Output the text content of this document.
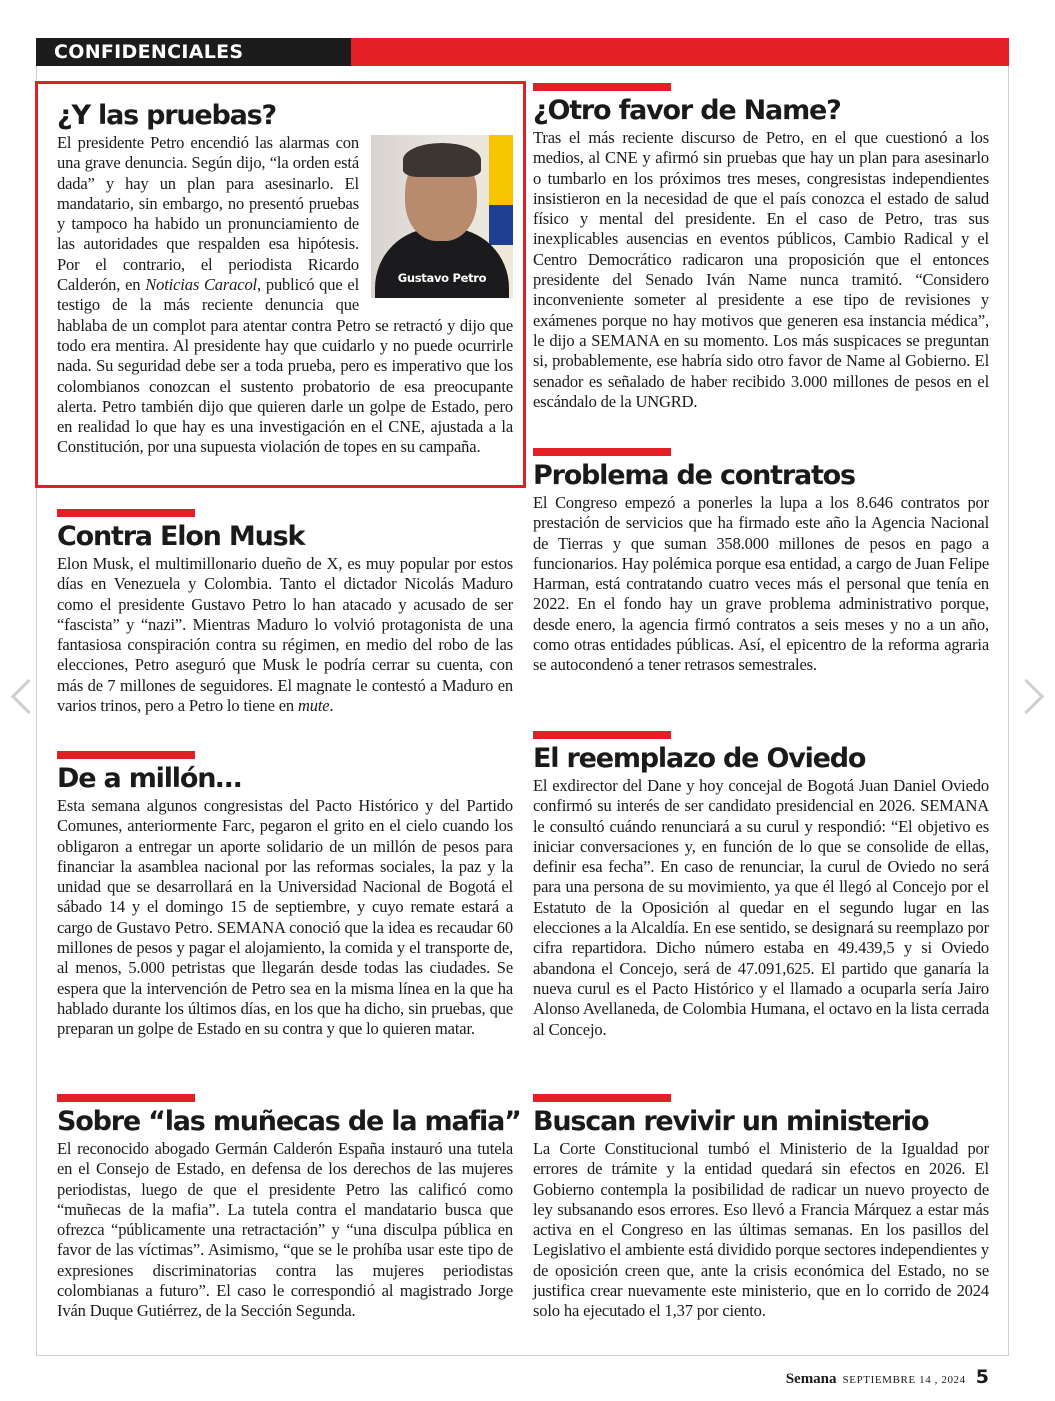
CONFIDENCIALES
¿Y las pruebas?

Gustavo Petro
El presidente Petro encendió las alarmas con una grave denuncia. Según dijo, “la orden está dada” y hay un plan para asesinarlo. El mandatario, sin embargo, no presentó pruebas y tampoco ha habido un pronunciamiento de las autoridades que respalden esa hipótesis. Por el contrario, el periodista Ricardo Calderón, en Noticias Caracol, publicó que el testigo de la más reciente denuncia que hablaba de un complot para atentar contra Petro se retractó y dijo que todo era mentira. Al presidente hay que cuidarlo y no puede ocurrirle nada. Su seguridad debe ser a toda prueba, pero es imperativo que los colombianos conozcan el sustento probatorio de esa preocupante alerta. Petro también dijo que quieren darle un golpe de Estado, pero en realidad lo que hay es una investigación en el CNE, ajustada a la Constitución, por una supuesta violación de topes en su campaña.

¿Otro favor de Name?

Tras el más reciente discurso de Petro, en el que cuestionó a los medios, al CNE y afirmó sin pruebas que hay un plan para asesinarlo o tumbarlo en los próximos tres meses, congresistas independientes insistieron en la necesidad de que el país conozca el estado de salud físico y mental del presidente. En el caso de Petro, tras sus inexplicables ausencias en eventos públicos, Cambio Radical y el Centro Democrático radicaron una proposición que el entonces presidente del Senado Iván Name nunca tramitó. “Considero inconveniente someter al presidente a ese tipo de revisiones y exámenes porque no hay motivos que generen esa instancia médica”, le dijo a SEMANA en su momento. Los más suspicaces se preguntan si, probablemente, ese habría sido otro favor de Name al Gobierno. El senador es señalado de haber recibido 3.000 millones de pesos en el escándalo de la UNGRD.

Contra Elon Musk

Elon Musk, el multimillonario dueño de X, es muy popular por estos días en Venezuela y Colombia. Tanto el dictador Nicolás Maduro como el presidente Gustavo Petro lo han atacado y acusado de ser “fascista” y “nazi”. Mientras Maduro lo volvió protagonista de una fantasiosa conspiración contra su régimen, en medio del robo de las elecciones, Petro aseguró que Musk le podría cerrar su cuenta, con más de 7 millones de seguidores. El magnate le contestó a Maduro en varios trinos, pero a Petro lo tiene en mute.

Problema de contratos

El Congreso empezó a ponerles la lupa a los 8.646 contratos por prestación de servicios que ha firmado este año la Agencia Nacional de Tierras y que suman 358.000 millones de pesos en pago a funcionarios. Hay polémica porque esa entidad, a cargo de Juan Felipe Harman, está contratando cuatro veces más el personal que tenía en 2022. En el fondo hay un grave problema administrativo porque, desde enero, la agencia firmó contratos a seis meses y no a un año, como otras entidades públicas. Así, el epicentro de la reforma agraria se autocondenó a tener retrasos semestrales.

De a millón…

Esta semana algunos congresistas del Pacto Histórico y del Partido Comunes, anteriormente Farc, pegaron el grito en el cielo cuando los obligaron a entregar un aporte solidario de un millón de pesos para financiar la asamblea nacional por las reformas sociales, la paz y la unidad que se desarrollará en la Universidad Nacional de Bogotá el sábado 14 y el domingo 15 de septiembre, y cuyo remate estará a cargo de Gustavo Petro. SEMANA conoció que la idea es recaudar 60 millones de pesos y pagar el alojamiento, la comida y el transporte de, al menos, 5.000 petristas que llegarán desde todas las ciudades. Se espera que la intervención de Petro sea en la misma línea en la que ha hablado durante los últimos días, en los que ha dicho, sin pruebas, que preparan un golpe de Estado en su contra y que lo quieren matar.

El reemplazo de Oviedo

El exdirector del Dane y hoy concejal de Bogotá Juan Daniel Oviedo confirmó su interés de ser candidato presidencial en 2026. SEMANA le consultó cuándo renunciará a su curul y respondió: “El objetivo es iniciar conversaciones y, en función de lo que se consolide de ellas, definir esa fecha”. En caso de renunciar, la curul de Oviedo no será para una persona de su movimiento, ya que él llegó al Concejo por el Estatuto de la Oposición al quedar en el segundo lugar en las elecciones a la Alcaldía. En ese sentido, se designará su reemplazo por cifra repartidora. Dicho número estaba en 49.439,5 y si Oviedo abandona el Concejo, será de 47.091,625. El partido que ganaría la nueva curul es el Pacto Histórico y el llamado a ocuparla sería Jairo Alonso Avellaneda, de Colombia Humana, el octavo en la lista cerrada al Concejo.

Sobre “las muñecas de la mafia”

El reconocido abogado Germán Calderón España instauró una tutela en el Consejo de Estado, en defensa de los derechos de las mujeres periodistas, luego de que el presidente Petro las calificó como “muñecas de la mafia”. La tutela contra el mandatario busca que ofrezca “públicamente una retractación” y “una disculpa pública en favor de las víctimas”. Asimismo, “que se le prohíba usar este tipo de expresiones discriminatorias contra las mujeres periodistas colombianas a futuro”. El caso le correspondió al magistrado Jorge Iván Duque Gutiérrez, de la Sección Segunda.

Buscan revivir un ministerio

La Corte Constitucional tumbó el Ministerio de la Igualdad por errores de trámite y la entidad quedará sin efectos en 2026. El Gobierno contempla la posibilidad de radicar un nuevo proyecto de ley subsanando esos errores. Eso llevó a Francia Márquez a estar más activa en el Congreso en las últimas semanas. En los pasillos del Legislativo el ambiente está dividido porque sectores independientes y de oposición creen que, ante la crisis económica del Estado, no se justifica crear nuevamente este ministerio, que en lo corrido de 2024 solo ha ejecutado el 1,37 por ciento.

Semana SEPTIEMBRE 14 , 2024 5
